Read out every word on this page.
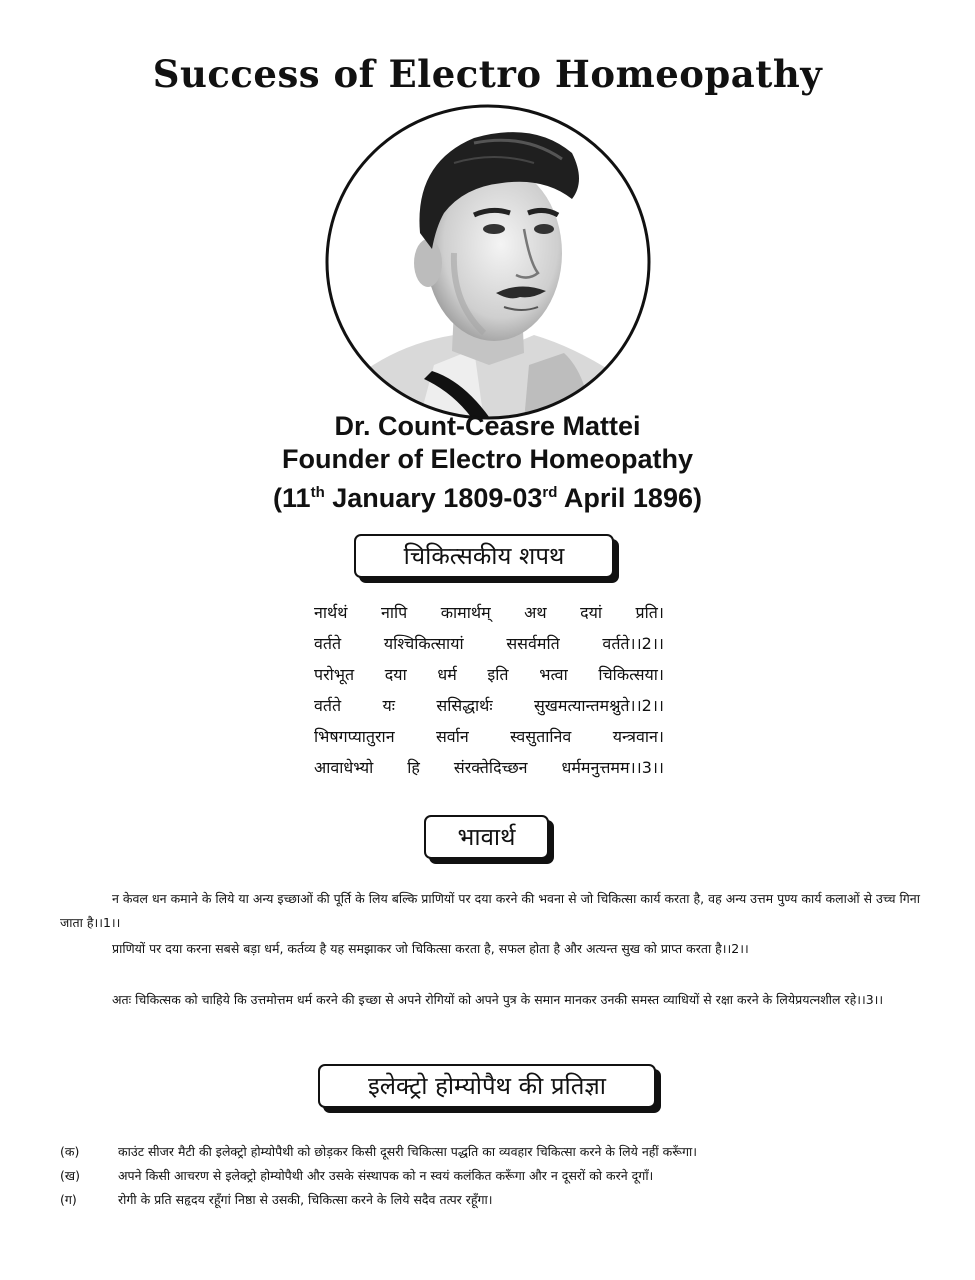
Success of Electro Homeopathy
Dr. Count-Ceasre Mattei
Founder of Electro Homeopathy
(11th January 1809-03rd April 1896)
चिकित्सकीय शपथ
नार्थथं नापि कामार्थम् अथ दयां प्रति।
वर्तते यश्चिकित्सायां ससर्वमति वर्तते।।2।।
परोभूत दया धर्म इति भत्वा चिकित्सया।
वर्तते यः ससिद्धार्थः सुखमत्यान्तमश्नुते।।2।।
भिषगप्यातुरान सर्वान स्वसुतानिव यन्त्रवान।
आवाधेभ्यो हि संरक्तेदिच्छन धर्ममनुत्तमम।।3।।
भावार्थ
न केवल धन कमाने के लिये या अन्य इच्छाओं की पूर्ति के लिय बल्कि प्राणियों पर दया करने की भवना से जो चिकित्सा कार्य करता है, वह अन्य उत्तम पुण्य कार्य कलाओं से उच्च गिना जाता है।।1।।
प्राणियों पर दया करना सबसे बड़ा धर्म, कर्तव्य है यह समझाकर जो चिकित्सा करता है, सफल होता है और अत्यन्त सुख को प्राप्त करता है।।2।।
अतः चिकित्सक को चाहिये कि उत्तमोत्तम धर्म करने की इच्छा से अपने रोगियों को अपने पुत्र के समान मानकर उनकी समस्त व्याधियों से रक्षा करने के लियेप्रयत्नशील रहे।।3।।
इलेक्ट्रो होम्योपैथ की प्रतिज्ञा
(क)	काउंट सीजर मैटी की इलेक्ट्रो होम्योपैथी को छोड़कर किसी दूसरी चिकित्सा पद्धति का व्यवहार चिकित्सा करने के लिये नहीं करूँगा।
(ख)	अपने किसी आचरण से इलेक्ट्रो होम्योपैथी और उसके संस्थापक को न स्वयं कलंकित करूँगा और न दूसरों को करने दूगाँ।
(ग)	रोगी के प्रति सहृदय रहूँगां निष्ठा से उसकी, चिकित्सा करने के लिये सदैव तत्पर रहूँगा।
